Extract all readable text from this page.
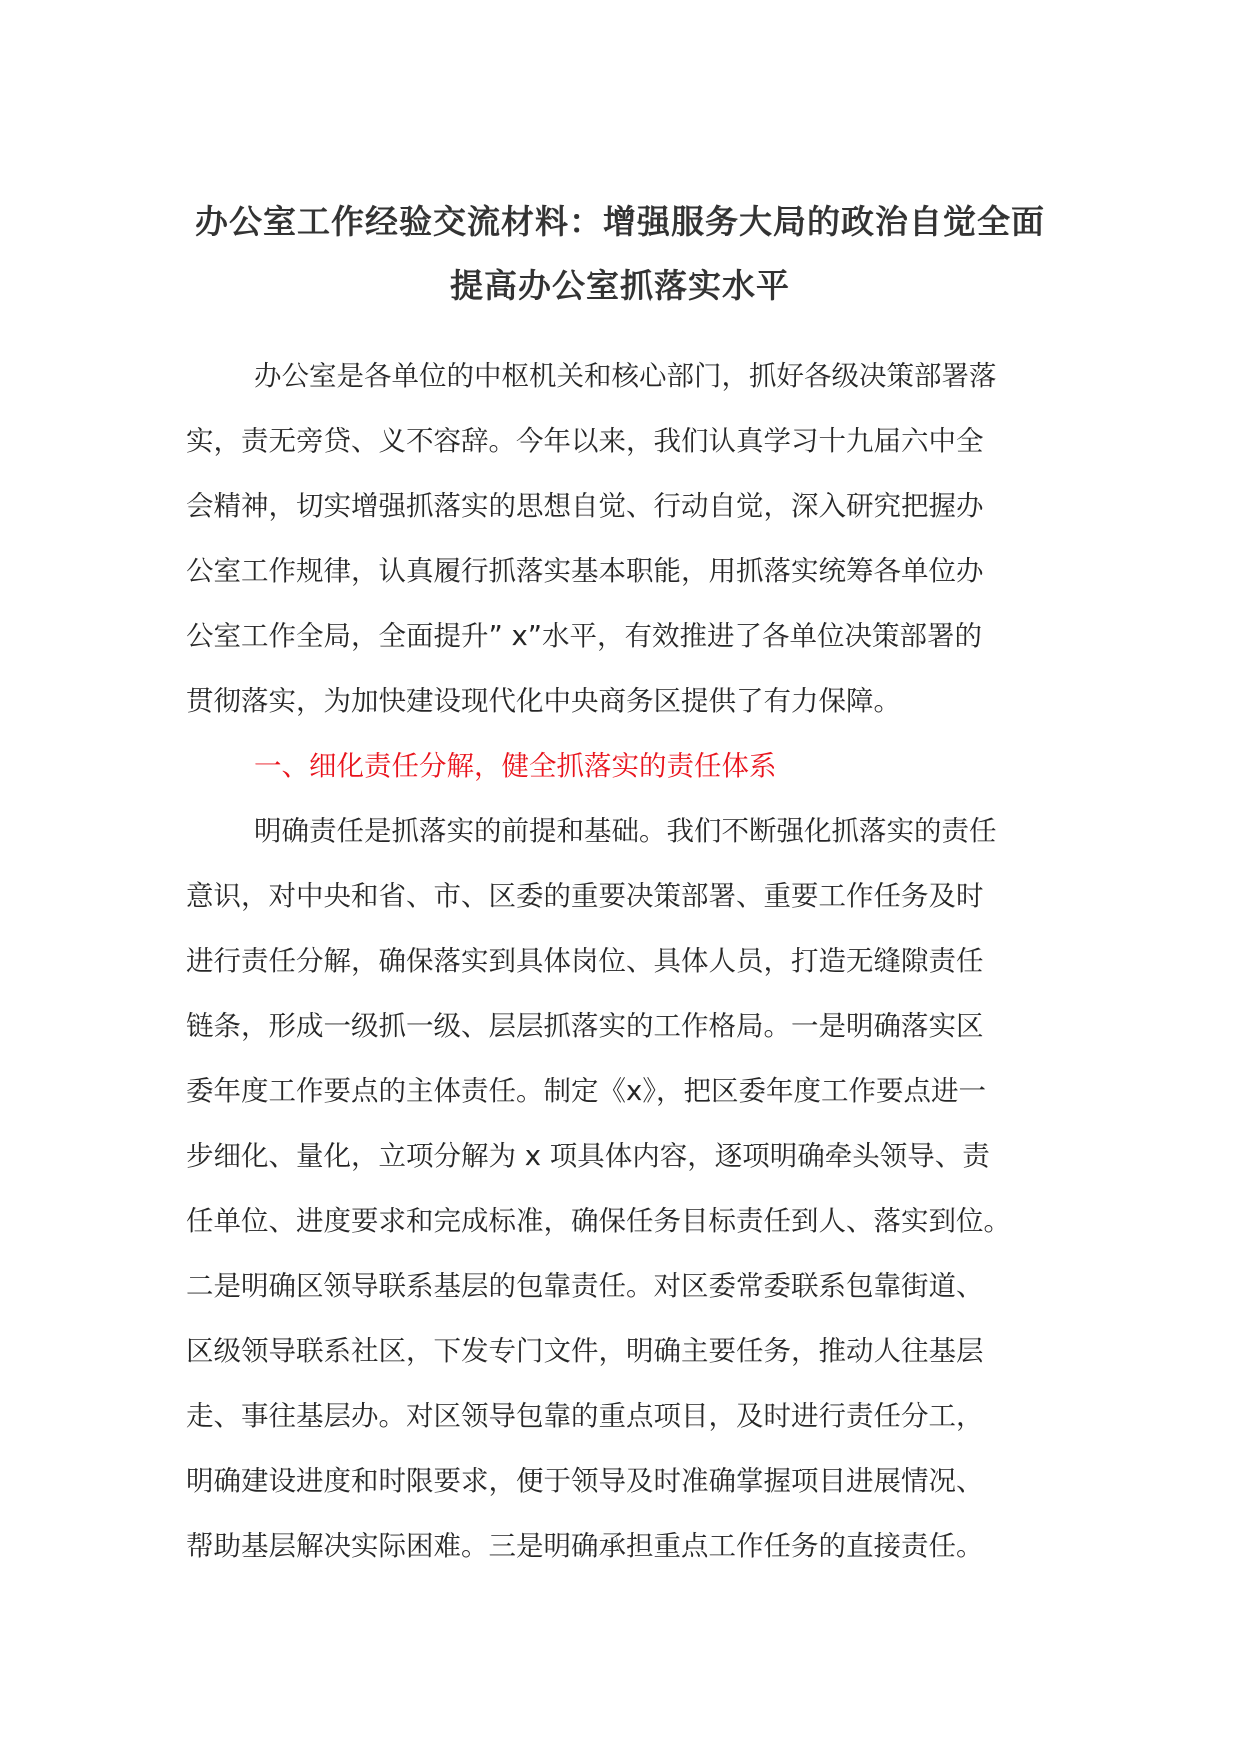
办公室工作经验交流材料：增强服务大局的政治自觉全面
提高办公室抓落实水平
办公室是各单位的中枢机关和核心部门，抓好各级决策部署落
实，责无旁贷、义不容辞。今年以来，我们认真学习十九届六中全
会精神，切实增强抓落实的思想自觉、行动自觉，深入研究把握办
公室工作规律，认真履行抓落实基本职能，用抓落实统筹各单位办
公室工作全局，全面提升” x”水平，有效推进了各单位决策部署的
贯彻落实，为加快建设现代化中央商务区提供了有力保障。
一、细化责任分解，健全抓落实的责任体系
明确责任是抓落实的前提和基础。我们不断强化抓落实的责任
意识，对中央和省、市、区委的重要决策部署、重要工作任务及时
进行责任分解，确保落实到具体岗位、具体人员，打造无缝隙责任
链条，形成一级抓一级、层层抓落实的工作格局。一是明确落实区
委年度工作要点的主体责任。制定《x》，把区委年度工作要点进一
步细化、量化，立项分解为 x 项具体内容，逐项明确牵头领导、责
任单位、进度要求和完成标准，确保任务目标责任到人、落实到位。
二是明确区领导联系基层的包靠责任。对区委常委联系包靠街道、
区级领导联系社区，下发专门文件，明确主要任务，推动人往基层
走、事往基层办。对区领导包靠的重点项目，及时进行责任分工，
明确建设进度和时限要求，便于领导及时准确掌握项目进展情况、
帮助基层解决实际困难。三是明确承担重点工作任务的直接责任。
